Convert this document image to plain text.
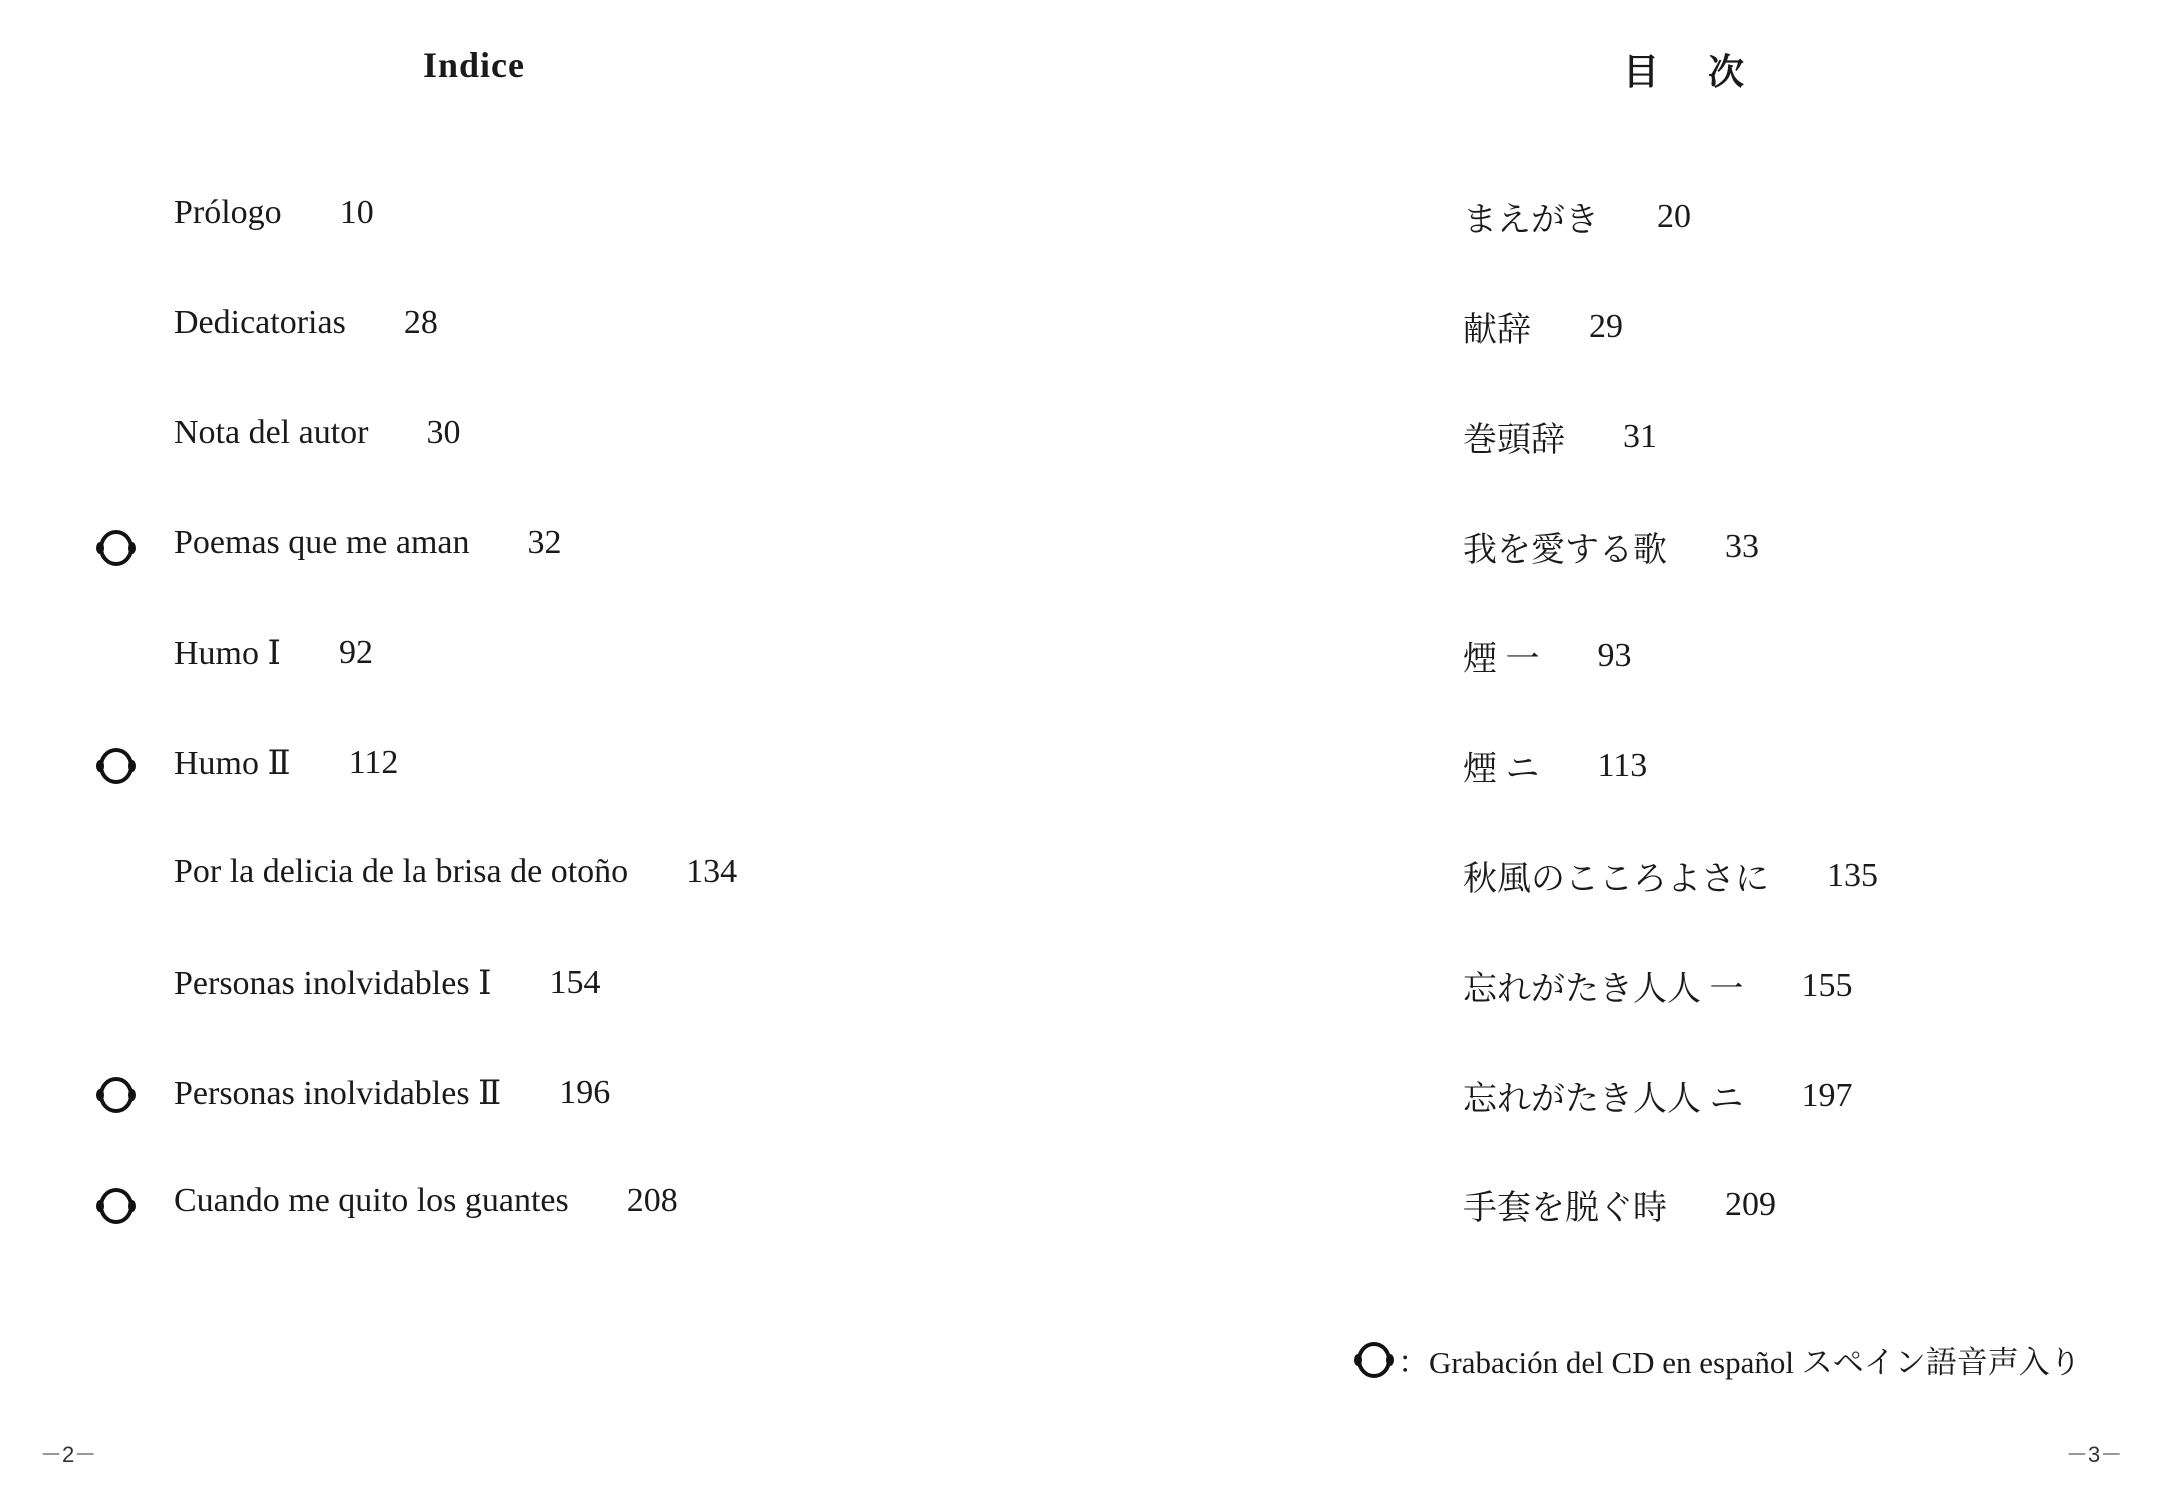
Indice
Prólogo 10
Dedicatorias 28
Nota del autor 30
Poemas que me aman 32
Humo Ⅰ 92
Humo Ⅱ 112
Por la delicia de la brisa de otoño 134
Personas inolvidables Ⅰ 154
Personas inolvidables Ⅱ 196
Cuando me quito los guantes 208
－2－
目 次
まえがき 20
献辞 29
巻頭辞 31
我を愛する歌 33
煙 一 93
煙 ニ 113
秋風のこころよさに 135
忘れがたき人人 一 155
忘れがたき人人 ニ 197
手套を脱ぐ時 209
：Grabación del CD en español スペイン語音声入り
－3－
